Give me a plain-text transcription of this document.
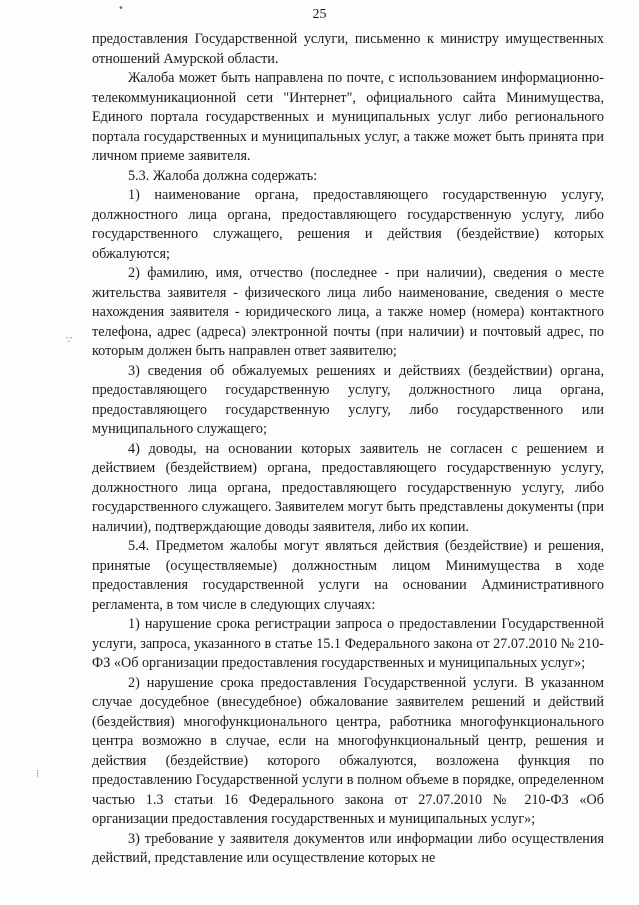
25
•
∵
⁝

предоставления Государственной услуги, письменно к министру имущественных отношений Амурской области.

Жалоба может быть направлена по почте, с использованием информационно-телекоммуникационной сети "Интернет", официального сайта Минимущества, Единого портала государственных и муниципальных услуг либо регионального портала государственных и муниципальных услуг, а также может быть принята при личном приеме заявителя.

5.3. Жалоба должна содержать:

1) наименование органа, предоставляющего государственную услугу, должностного лица органа, предоставляющего государственную услугу, либо государственного служащего, решения и действия (бездействие) которых обжалуются;

2) фамилию, имя, отчество (последнее - при наличии), сведения о месте жительства заявителя - физического лица либо наименование, сведения о месте нахождения заявителя - юридического лица, а также номер (номера) контактного телефона, адрес (адреса) электронной почты (при наличии) и почтовый адрес, по которым должен быть направлен ответ заявителю;

3) сведения об обжалуемых решениях и действиях (бездействии) органа, предоставляющего государственную услугу, должностного лица органа, предоставляющего государственную услугу, либо государственного или муниципального служащего;

4) доводы, на основании которых заявитель не согласен с решением и действием (бездействием) органа, предоставляющего государственную услугу, должностного лица органа, предоставляющего государственную услугу, либо государственного служащего. Заявителем могут быть представлены документы (при наличии), подтверждающие доводы заявителя, либо их копии.

5.4. Предметом жалобы могут являться действия (бездействие) и решения, принятые (осуществляемые) должностным лицом Минимущества в ходе предоставления государственной услуги на основании Административного регламента, в том числе в следующих случаях:

1) нарушение срока регистрации запроса о предоставлении Государственной услуги, запроса, указанного в статье 15.1 Федерального закона от 27.07.2010 № 210-ФЗ «Об организации предоставления государственных и муниципальных услуг»;

2) нарушение срока предоставления Государственной услуги. В указанном случае досудебное (внесудебное) обжалование заявителем решений и действий (бездействия) многофункционального центра, работника многофункционального центра возможно в случае, если на многофункциональный центр, решения и действия (бездействие) которого обжалуются, возложена функция по предоставлению Государственной услуги в полном объеме в порядке, определенном частью 1.3 статьи 16 Федерального закона от 27.07.2010 № 210-ФЗ «Об организации предоставления государственных и муниципальных услуг»;

3) требование у заявителя документов или информации либо осуществления действий, представление или осуществление которых не
